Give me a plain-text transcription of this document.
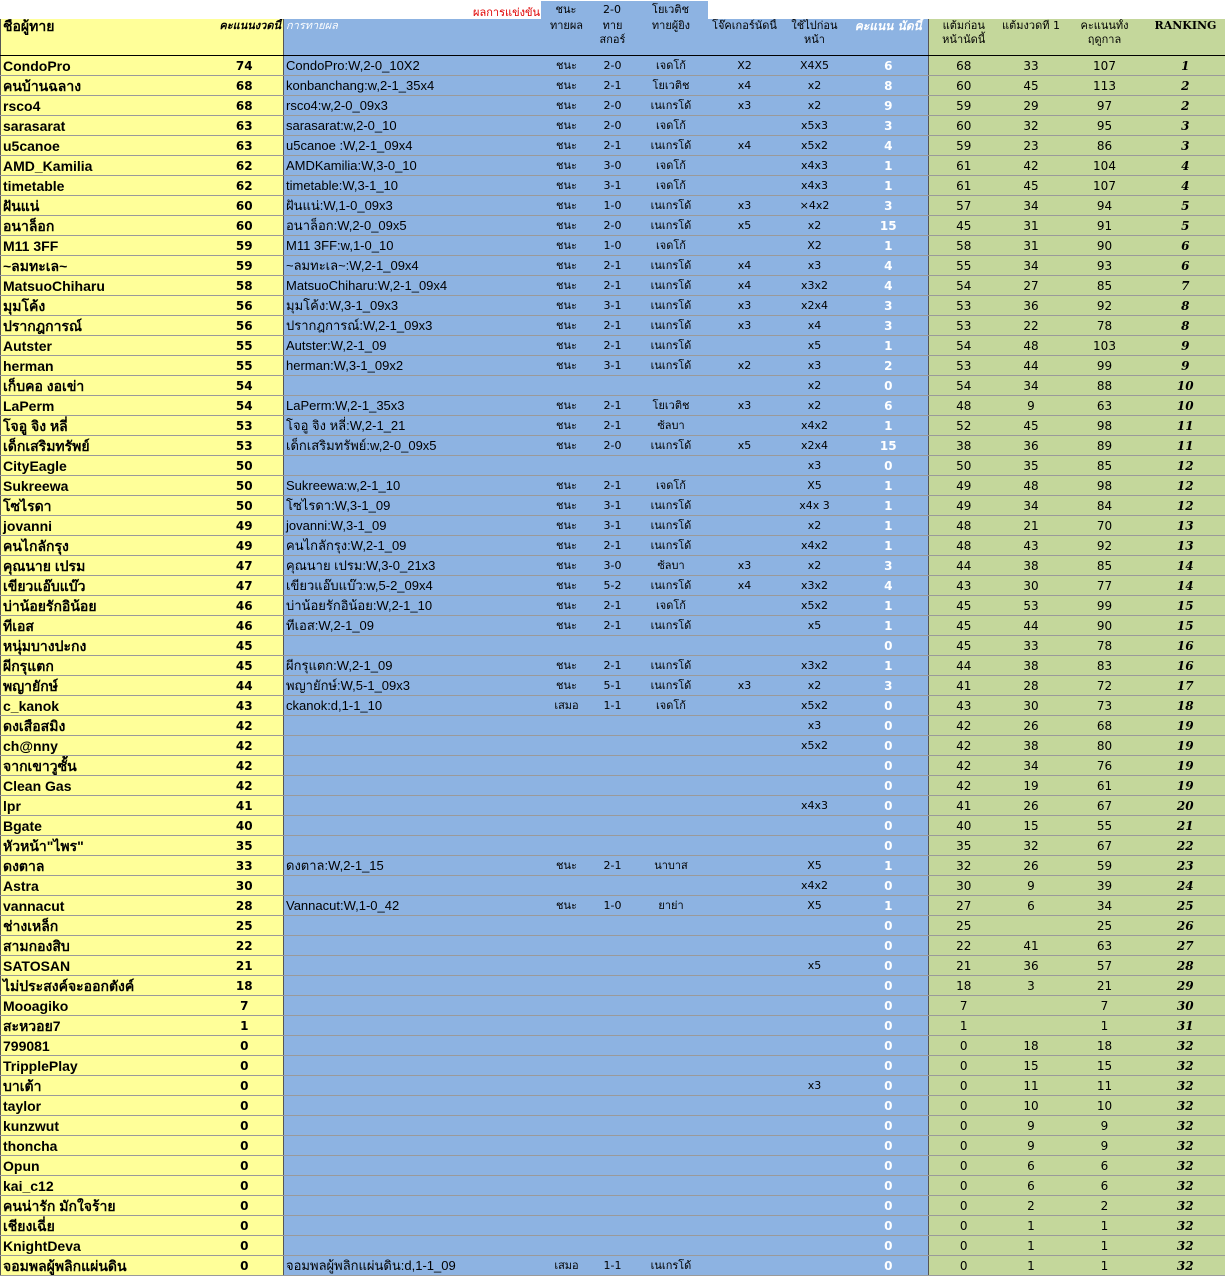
ผลการแข่งขัน	ชนะ	2-0	โยเวติช
ชื่อผู้ทาย	คะแนนงวดนี้	การทายผล	ทายผล	ทาย สกอร์	ทายผู้ยิง	โจ๊คเกอร์นัดนี้	ใช้ไปก่อนหน้า	คะแนน นัดนี้	แต้มก่อน หน้านัดนี้	แต้มงวดที่ 1	คะแนนทั้ง ฤดูกาล	RANKING
CondoPro	74	CondoPro:W,2-0_10X2	ชนะ	2-0	เจดโก้	X2	X4X5	6	68	33	107	1
คนบ้านฉลาง	68	konbanchang:w,2-1_35x4	ชนะ	2-1	โยเวติช	x4	x2	8	60	45	113	2
rsco4	68	rsco4:w,2-0_09x3	ชนะ	2-0	เนเกรโด้	x3	x2	9	59	29	97	2
sarasarat	63	sarasarat:w,2-0_10	ชนะ	2-0	เจดโก้		x5x3	3	60	32	95	3
u5canoe	63	u5canoe :W,2-1_09x4	ชนะ	2-1	เนเกรโด้	x4	x5x2	4	59	23	86	3
AMD_Kamilia	62	AMDKamilia:W,3-0_10	ชนะ	3-0	เจดโก้		x4x3	1	61	42	104	4
timetable	62	timetable:W,3-1_10	ชนะ	3-1	เจดโก้		x4x3	1	61	45	107	4
ฝันแน่	60	ฝันแน่:W,1-0_09x3	ชนะ	1-0	เนเกรโด้	x3	×4x2	3	57	34	94	5
อนาล็อก	60	อนาล็อก:W,2-0_09x5	ชนะ	2-0	เนเกรโด้	x5	x2	15	45	31	91	5
M11 3FF	59	M11 3FF:w,1-0_10	ชนะ	1-0	เจดโก้		X2	1	58	31	90	6
~ลมทะเล~	59	~ลมทะเล~:W,2-1_09x4	ชนะ	2-1	เนเกรโด้	x4	x3	4	55	34	93	6
MatsuoChiharu	58	MatsuoChiharu:W,2-1_09x4	ชนะ	2-1	เนเกรโด้	x4	x3x2	4	54	27	85	7
มุมโค้ง	56	มุมโค้ง:W,3-1_09x3	ชนะ	3-1	เนเกรโด้	x3	x2x4	3	53	36	92	8
ปรากฎการณ์	56	ปรากฎการณ์:W,2-1_09x3	ชนะ	2-1	เนเกรโด้	x3	x4	3	53	22	78	8
Autster	55	Autster:W,2-1_09	ชนะ	2-1	เนเกรโด้		x5	1	54	48	103	9
herman	55	herman:W,3-1_09x2	ชนะ	3-1	เนเกรโด้	x2	x3	2	53	44	99	9
เก็บคอ งอเข่า	54						x2	0	54	34	88	10
LaPerm	54	LaPerm:W,2-1_35x3	ชนะ	2-1	โยเวติช	x3	x2	6	48	9	63	10
โจอู จิง หลี่	53	โจอู จิง หลี่:W,2-1_21	ชนะ	2-1	ซ้ลบา		x4x2	1	52	45	98	11
เด็กเสริมทรัพย์	53	เด็กเสริมทรัพย์:w,2-0_09x5	ชนะ	2-0	เนเกรโด้	x5	x2x4	15	38	36	89	11
CityEagle	50						x3	0	50	35	85	12
Sukreewa	50	Sukreewa:w,2-1_10	ชนะ	2-1	เจดโก้		X5	1	49	48	98	12
โซไรดา	50	โซไรดา:W,3-1_09	ชนะ	3-1	เนเกรโด้		x4x 3	1	49	34	84	12
jovanni	49	jovanni:W,3-1_09	ชนะ	3-1	เนเกรโด้		x2	1	48	21	70	13
คนไกลักรุง	49	คนไกลักรุง:W,2-1_09	ชนะ	2-1	เนเกรโด้		x4x2	1	48	43	92	13
คุณนาย เปรม	47	คุณนาย เปรม:W,3-0_21x3	ชนะ	3-0	ซ้ลบา	x3	x2	3	44	38	85	14
เขียวแอ๊บแบ๊ว	47	เขียวแอ๊บแบ๊ว:w,5-2_09x4	ชนะ	5-2	เนเกรโด้	x4	x3x2	4	43	30	77	14
บ่าน้อยรักอิน้อย	46	บ่าน้อยรักอิน้อย:W,2-1_10	ชนะ	2-1	เจดโก้		x5x2	1	45	53	99	15
ทีเอส	46	ทีเอส:W,2-1_09	ชนะ	2-1	เนเกรโด้		x5	1	45	44	90	15
หนุ่มบางปะกง	45							0	45	33	78	16
ผีกรุแตก	45	ผีกรุแตก:W,2-1_09	ชนะ	2-1	เนเกรโด้		x3x2	1	44	38	83	16
พญายักษ์	44	พญายักษ์:W,5-1_09x3	ชนะ	5-1	เนเกรโด้	x3	x2	3	41	28	72	17
c_kanok	43	ckanok:d,1-1_10	เสมอ	1-1	เจดโก้		x5x2	0	43	30	73	18
ดงเสือสมิง	42						x3	0	42	26	68	19
ch@nny	42						x5x2	0	42	38	80	19
จากเขาวูซั้น	42							0	42	34	76	19
Clean Gas	42							0	42	19	61	19
lpr	41						x4x3	0	41	26	67	20
Bgate	40							0	40	15	55	21
หัวหน้า"ไพร"	35							0	35	32	67	22
ดงตาล	33	ดงตาล:W,2-1_15	ชนะ	2-1	นาบาส		X5	1	32	26	59	23
Astra	30						x4x2	0	30	9	39	24
vannacut	28	Vannacut:W,1-0_42	ชนะ	1-0	ยาย่า		X5	1	27	6	34	25
ช่างเหล็ก	25							0	25		25	26
สามกองสิบ	22							0	22	41	63	27
SATOSAN	21						x5	0	21	36	57	28
ไม่ประสงค์จะออกตังค์	18							0	18	3	21	29
Mooagiko	7							0	7		7	30
สะหวอย7	1							0	1		1	31
799081	0							0	0	18	18	32
TripplePlay	0							0	0	15	15	32
บาเต้า	0						x3	0	0	11	11	32
taylor	0							0	0	10	10	32
kunzwut	0							0	0	9	9	32
thoncha	0							0	0	9	9	32
Opun	0							0	0	6	6	32
kai_c12	0							0	0	6	6	32
คนน่ารัก มักใจร้าย	0							0	0	2	2	32
เชียงเฉี่ย	0							0	0	1	1	32
KnightDeva	0							0	0	1	1	32
จอมพลผู้พลิกแผ่นดิน	0	จอมพลผู้พลิกแผ่นดิน:d,1-1_09	เสมอ	1-1	เนเกรโด้			0	0	1	1	32
